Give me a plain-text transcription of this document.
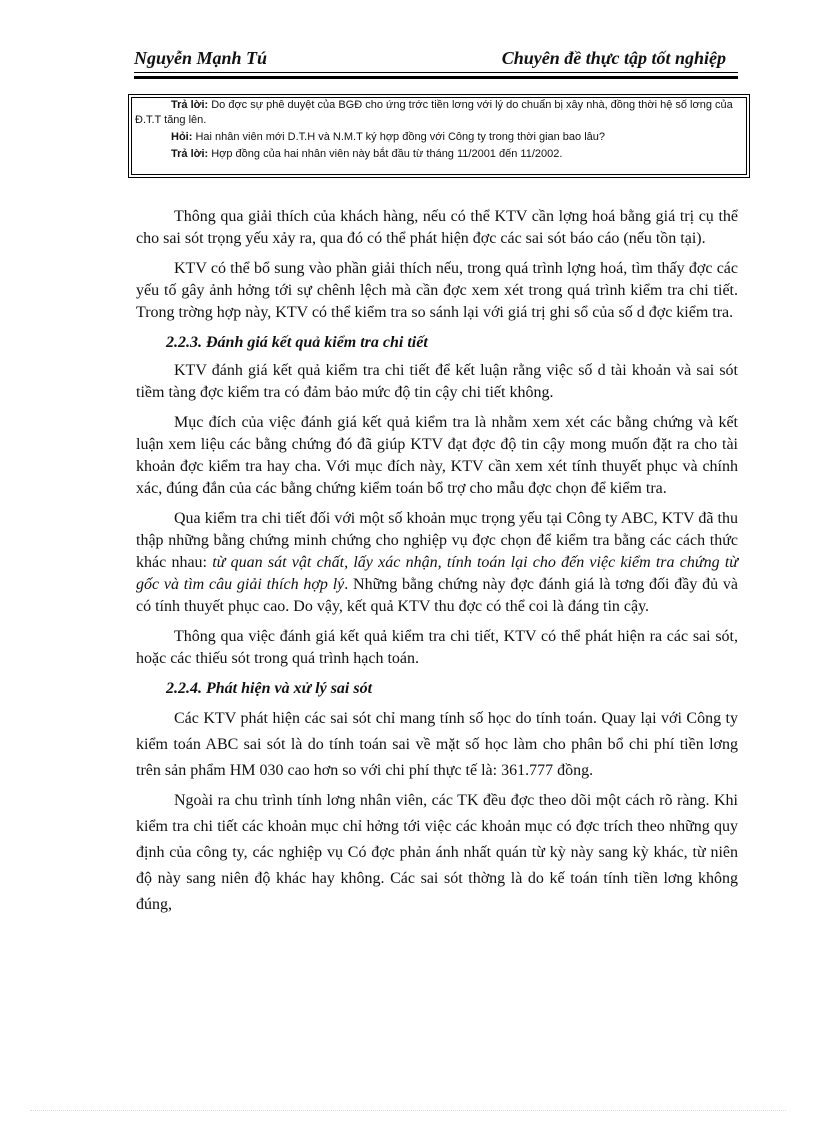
Nguyễn Mạnh Tú	Chuyên đề thực tập tốt nghiệp

Trả lời: Do đợc sự phê duyệt của BGĐ cho ứng trớc tiền lơng với lý do chuẩn bị xây nhà, đồng thời hệ số lơng của Đ.T.T tăng lên.

Hỏi: Hai nhân viên mới D.T.H và N.M.T ký hợp đồng với Công ty trong thời gian bao lâu?

Trả lời: Hợp đồng của hai nhân viên này bắt đầu từ tháng 11/2001 đến 11/2002.

Thông qua giải thích của khách hàng, nếu có thể KTV cần lợng hoá bằng giá trị cụ thể cho sai sót trọng yếu xảy ra, qua đó có thể phát hiện đợc các sai sót báo cáo (nếu tồn tại).

KTV có thể bổ sung vào phần giải thích nếu, trong quá trình lợng hoá, tìm thấy đợc các yếu tố gây ảnh hởng tới sự chênh lệch mà cần đợc xem xét trong quá trình kiểm tra chi tiết. Trong trờng hợp này, KTV có thể kiểm tra so sánh lại với giá trị ghi sổ của số d đợc kiểm tra.

2.2.3. Đánh giá kết quả kiểm tra chi tiết

KTV đánh giá kết quả kiểm tra chi tiết để kết luận rằng việc số d tài khoản và sai sót tiềm tàng đợc kiểm tra có đảm bảo mức độ tin cậy chi tiết không.

Mục đích của việc đánh giá kết quả kiểm tra là nhằm xem xét các bằng chứng và kết luận xem liệu các bằng chứng đó đã giúp KTV đạt đợc độ tin cậy mong muốn đặt ra cho tài khoản đợc kiểm tra hay cha. Với mục đích này, KTV cần xem xét tính thuyết phục và chính xác, đúng đắn của các bằng chứng kiểm toán bổ trợ cho mẫu đợc chọn để kiểm tra.

Qua kiểm tra chi tiết đối với một số khoản mục trọng yếu tại Công ty ABC, KTV đã thu thập những bằng chứng minh chứng cho nghiệp vụ đợc chọn để kiểm tra bằng các cách thức khác nhau: từ quan sát vật chất, lấy xác nhận, tính toán lại cho đến việc kiểm tra chứng từ gốc và tìm câu giải thích hợp lý. Những bằng chứng này đợc đánh giá là tơng đối đầy đủ và có tính thuyết phục cao. Do vậy, kết quả KTV thu đợc có thể coi là đáng tin cậy.

Thông qua việc đánh giá kết quả kiểm tra chi tiết, KTV có thể phát hiện ra các sai sót, hoặc các thiếu sót trong quá trình hạch toán.

2.2.4. Phát hiện và xử lý sai sót

Các KTV phát hiện các sai sót chỉ mang tính số học do tính toán. Quay lại với Công ty kiểm toán ABC sai sót là do tính toán sai về mặt số học làm cho phân bổ chi phí tiền lơng trên sản phẩm HM 030 cao hơn so với chi phí thực tế là: 361.777 đồng.

Ngoài ra chu trình tính lơng nhân viên, các TK đều đợc theo dõi một cách rõ ràng. Khi kiểm tra chi tiết các khoản mục chỉ hởng tới việc các khoản mục có đợc trích theo những quy định của công ty, các nghiệp vụ Có đợc phản ánh nhất quán từ kỳ này sang kỳ khác, từ niên độ này sang niên độ khác hay không. Các sai sót thờng là do kế toán tính tiền lơng không đúng,
